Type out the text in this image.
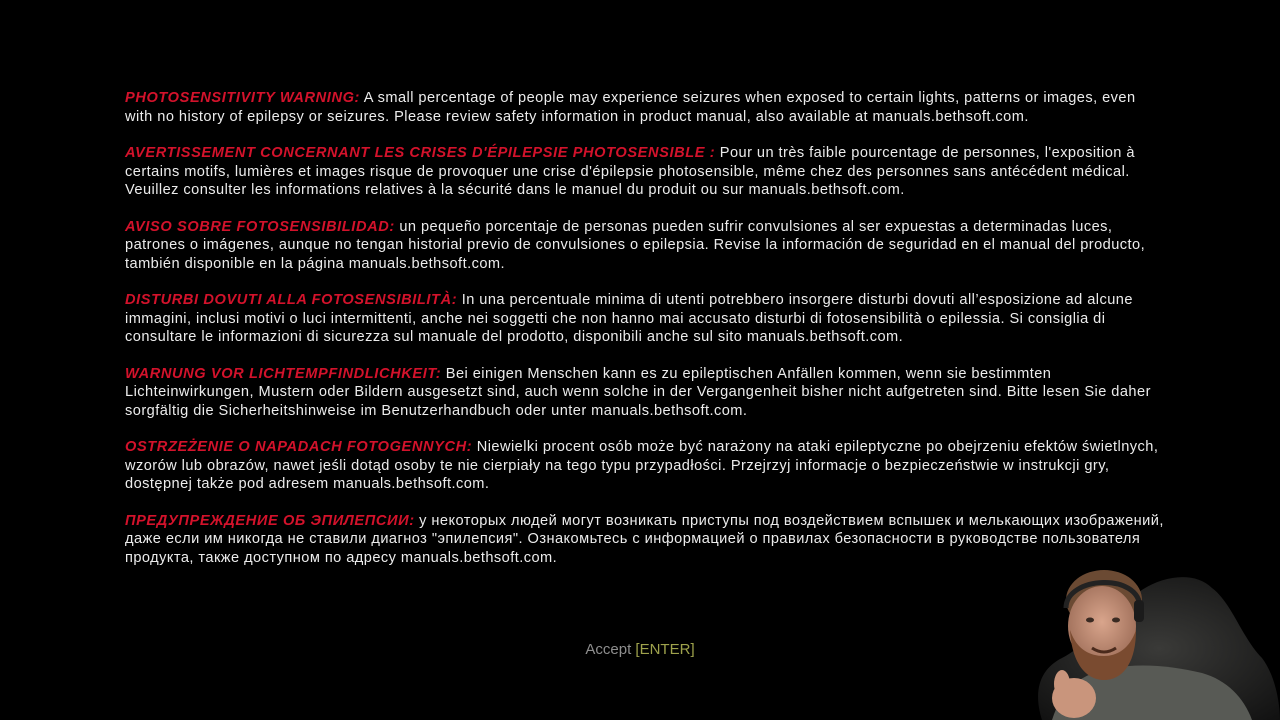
PHOTOSENSITIVITY WARNING: A small percentage of people may experience seizures when exposed to certain lights, patterns or images, even with no history of epilepsy or seizures. Please review safety information in product manual, also available at manuals.bethsoft.com.

AVERTISSEMENT CONCERNANT LES CRISES D'ÉPILEPSIE PHOTOSENSIBLE : Pour un très faible pourcentage de personnes, l'exposition à certains motifs, lumières et images risque de provoquer une crise d'épilepsie photosensible, même chez des personnes sans antécédent médical. Veuillez consulter les informations relatives à la sécurité dans le manuel du produit ou sur manuals.bethsoft.com.

AVISO SOBRE FOTOSENSIBILIDAD: un pequeño porcentaje de personas pueden sufrir convulsiones al ser expuestas a determinadas luces, patrones o imágenes, aunque no tengan historial previo de convulsiones o epilepsia. Revise la información de seguridad en el manual del producto, también disponible en la página manuals.bethsoft.com.

DISTURBI DOVUTI ALLA FOTOSENSIBILITÀ: In una percentuale minima di utenti potrebbero insorgere disturbi dovuti all’esposizione ad alcune immagini, inclusi motivi o luci intermittenti, anche nei soggetti che non hanno mai accusato disturbi di fotosensibilità o epilessia. Si consiglia di consultare le informazioni di sicurezza sul manuale del prodotto, disponibili anche sul sito manuals.bethsoft.com.

WARNUNG VOR LICHTEMPFINDLICHKEIT: Bei einigen Menschen kann es zu epileptischen Anfällen kommen, wenn sie bestimmten Lichteinwirkungen, Mustern oder Bildern ausgesetzt sind, auch wenn solche in der Vergangenheit bisher nicht aufgetreten sind. Bitte lesen Sie daher sorgfältig die Sicherheitshinweise im Benutzerhandbuch oder unter manuals.bethsoft.com.

OSTRZEŻENIE O NAPADACH FOTOGENNYCH: Niewielki procent osób może być narażony na ataki epileptyczne po obejrzeniu efektów świetlnych, wzorów lub obrazów, nawet jeśli dotąd osoby te nie cierpiały na tego typu przypadłości. Przejrzyj informacje o bezpieczeństwie w instrukcji gry, dostępnej także pod adresem manuals.bethsoft.com.

ПРЕДУПРЕЖДЕНИЕ ОБ ЭПИЛЕПСИИ: у некоторых людей могут возникать приступы под воздействием вспышек и мелькающих изображений, даже если им никогда не ставили диагноз "эпилепсия". Ознакомьтесь с информацией о правилах безопасности в руководстве пользователя продукта, также доступном по адресу manuals.bethsoft.com.

Accept [ENTER]
